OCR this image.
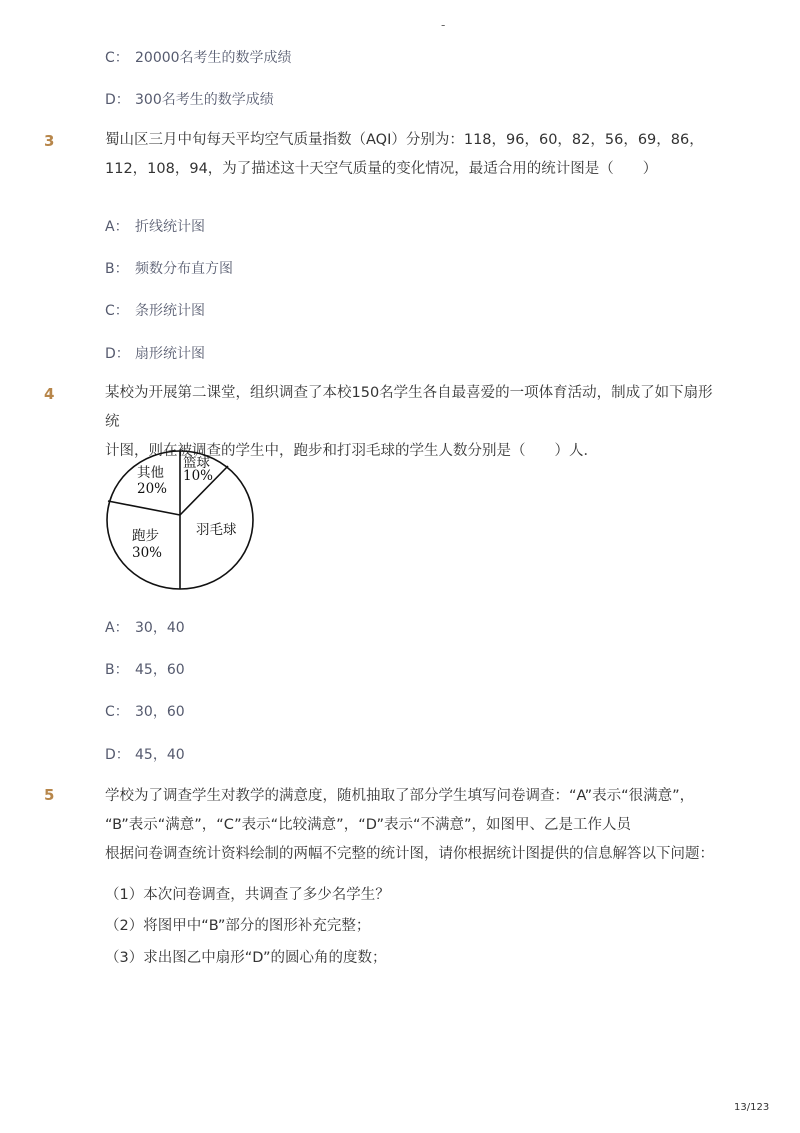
-
C： 20000名考生的数学成绩
D： 300名考生的数学成绩
3	蜀山区三月中旬每天平均空气质量指数（AQI）分别为：118，96，60，82，56，69，86，
112，108，94，为了描述这十天空气质量的变化情况，最适合用的统计图是（　　）
A： 折线统计图
B： 频数分布直方图
C： 条形统计图
D： 扇形统计图
4	某校为开展第二课堂，组织调查了本校150名学生各自最喜爱的一项体育活动，制成了如下扇形统
计图，则在被调查的学生中，跑步和打羽毛球的学生人数分别是（　　）人．
篮球
10%
羽毛球
跑步
30%
其他
20%
A： 30，40
B： 45，60
C： 30，60
D： 45，40
5	学校为了调查学生对教学的满意度，随机抽取了部分学生填写问卷调查：“A”表示“很满意”，
“B”表示“满意”，“C”表示“比较满意”，“D”表示“不满意”，如图甲、乙是工作人员
根据问卷调查统计资料绘制的两幅不完整的统计图，请你根据统计图提供的信息解答以下问题：
（1）本次问卷调查，共调查了多少名学生？
（2）将图甲中“B”部分的图形补充完整；
（3）求出图乙中扇形“D”的圆心角的度数；
13/123
